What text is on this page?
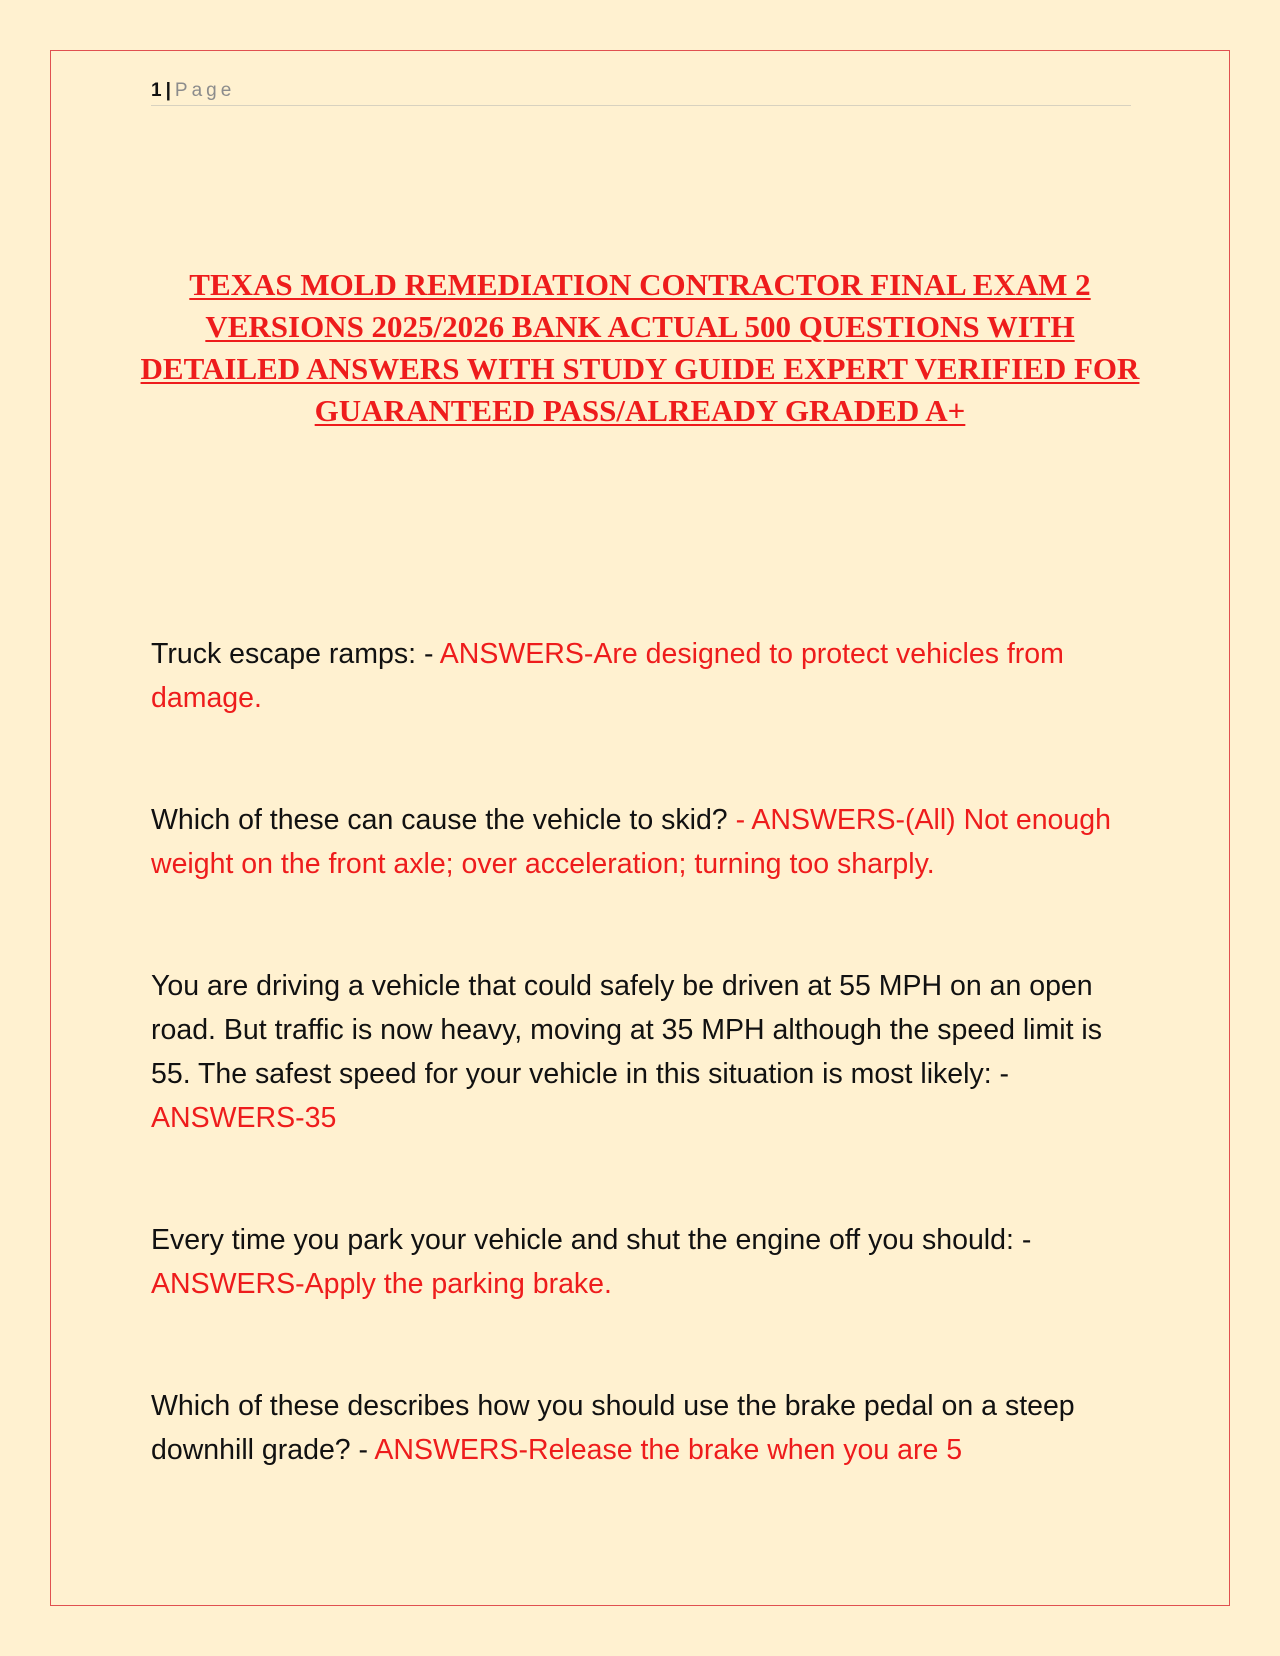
1 | Page
TEXAS MOLD REMEDIATION CONTRACTOR FINAL EXAM 2 VERSIONS 2025/2026 BANK ACTUAL 500 QUESTIONS WITH DETAILED ANSWERS WITH STUDY GUIDE EXPERT VERIFIED FOR GUARANTEED PASS/ALREADY GRADED A+

Truck escape ramps: - ANSWERS-Are designed to protect vehicles from damage.

Which of these can cause the vehicle to skid? - ANSWERS-(All) Not enough weight on the front axle; over acceleration; turning too sharply.

You are driving a vehicle that could safely be driven at 55 MPH on an open road. But traffic is now heavy, moving at 35 MPH although the speed limit is 55. The safest speed for your vehicle in this situation is most likely: - ANSWERS-35

Every time you park your vehicle and shut the engine off you should: - ANSWERS-Apply the parking brake.

Which of these describes how you should use the brake pedal on a steep downhill grade? - ANSWERS-Release the brake when you are 5
